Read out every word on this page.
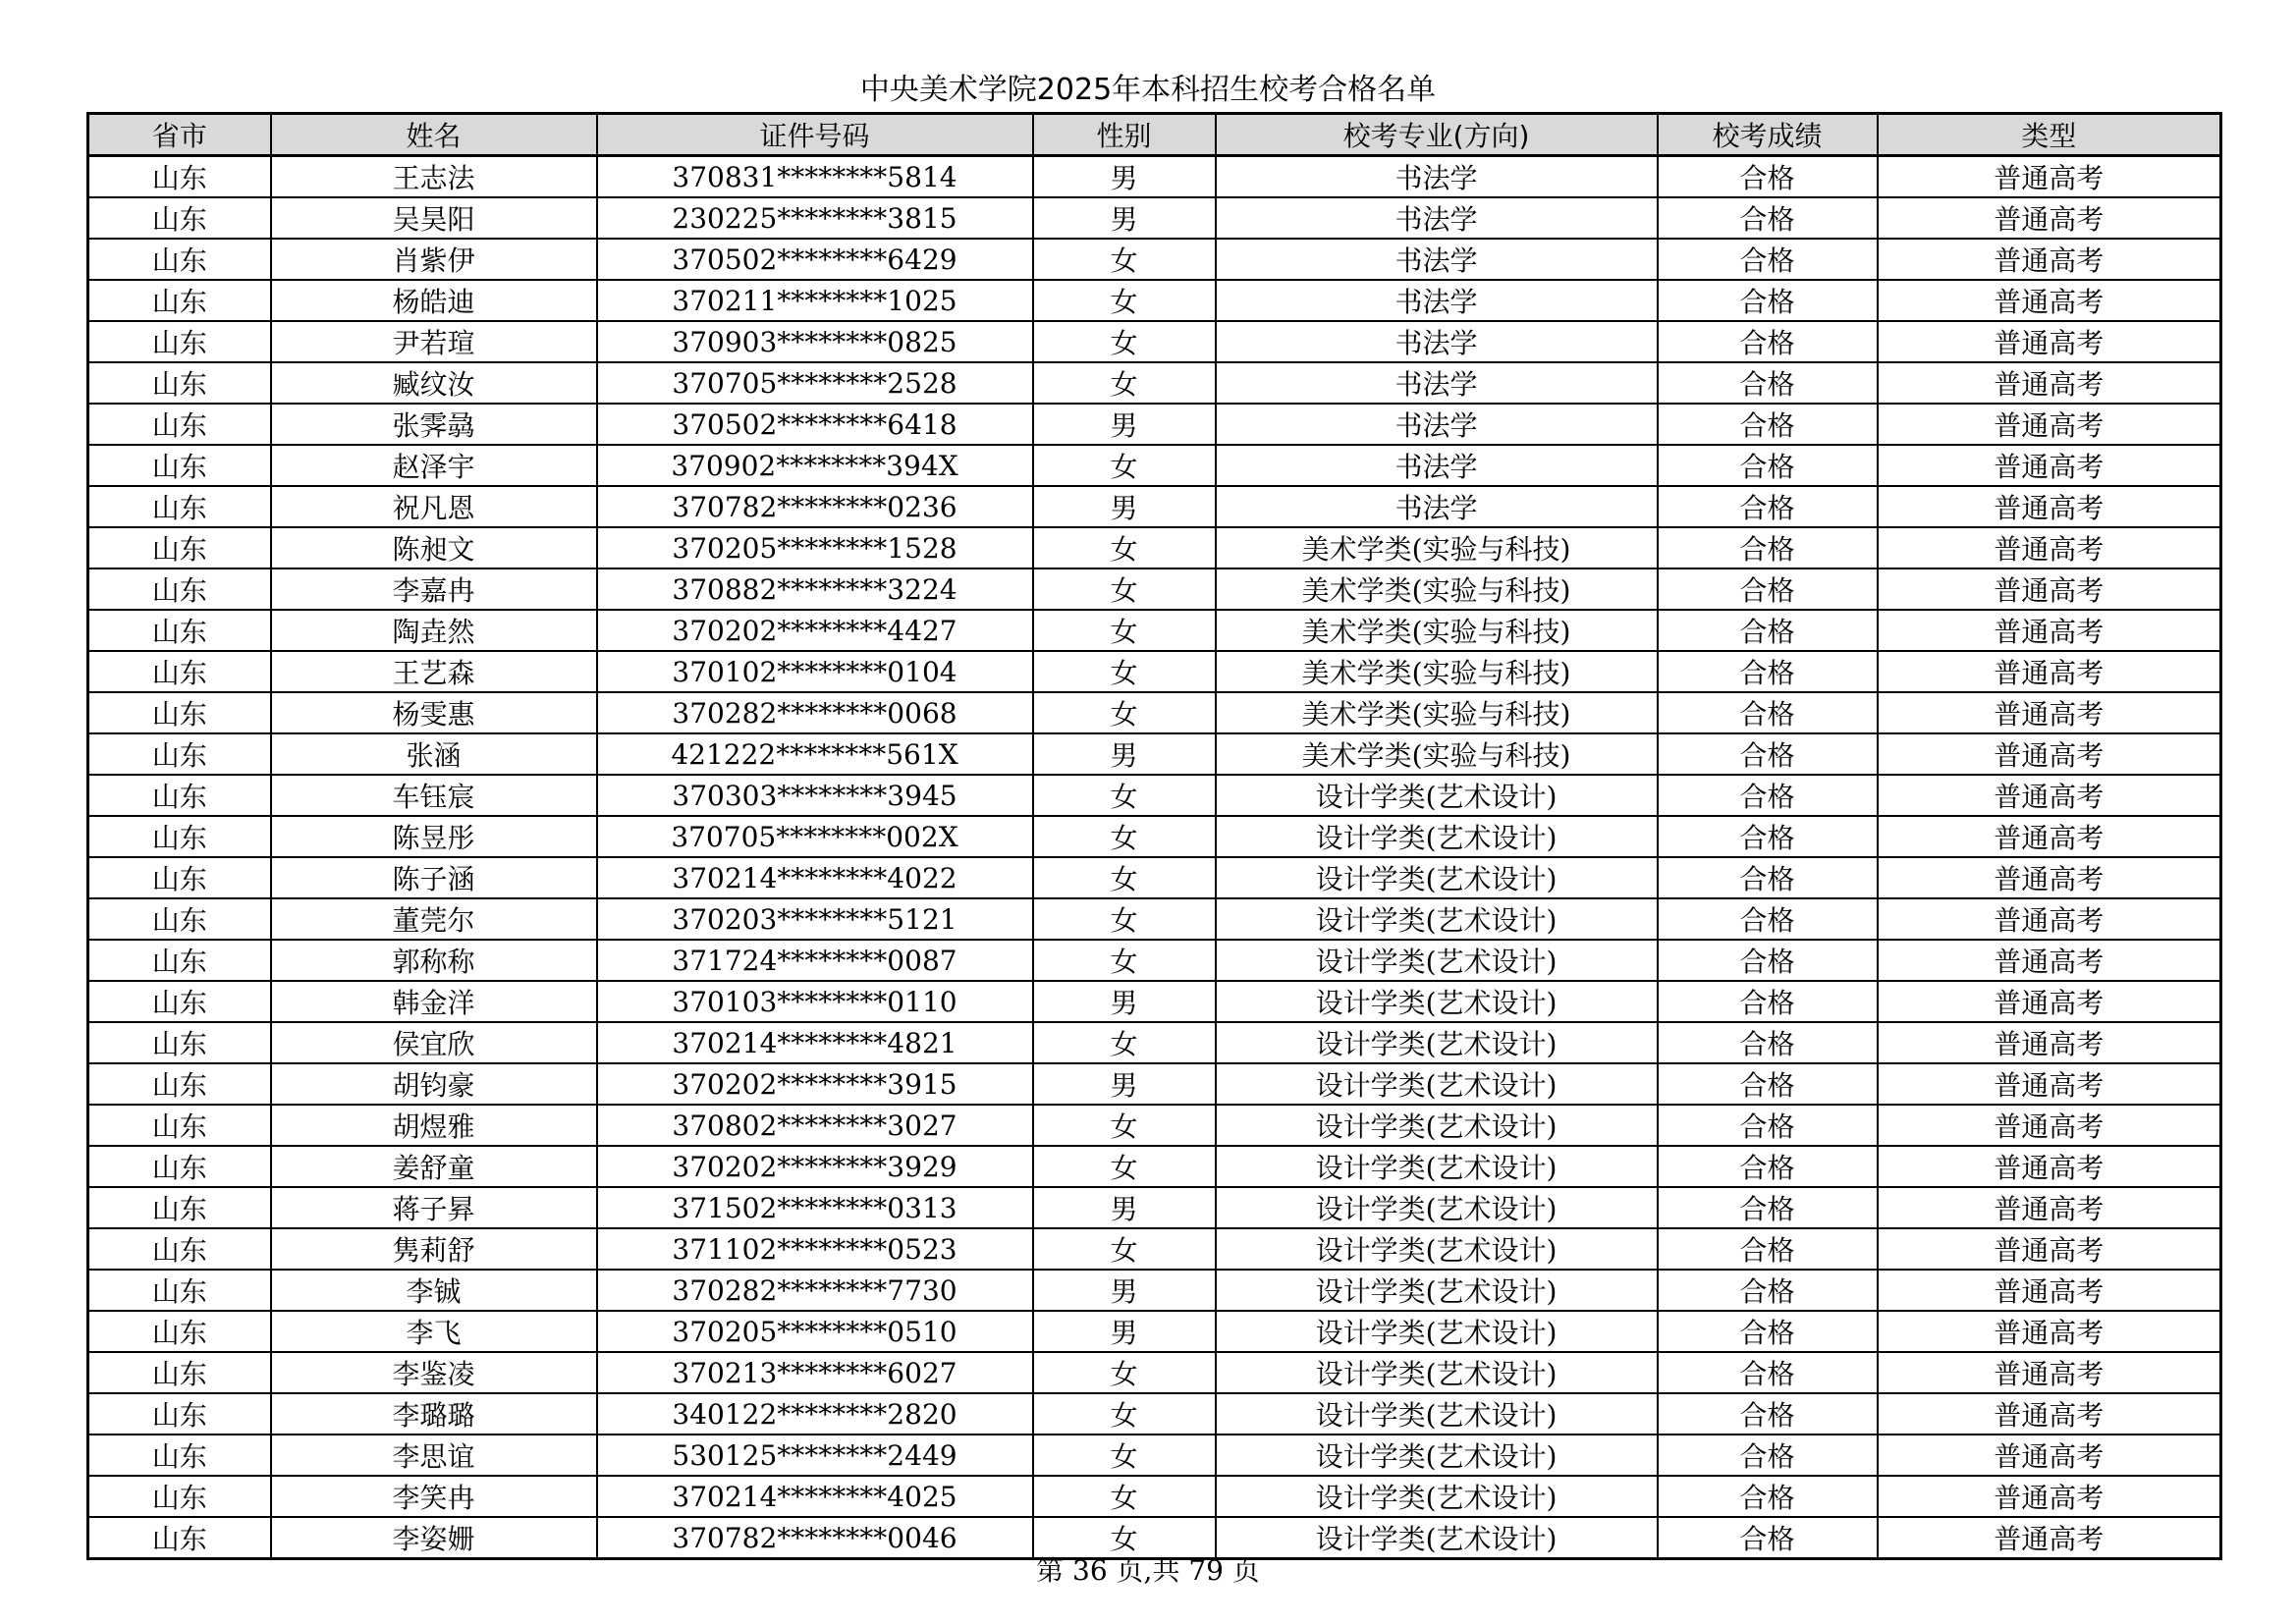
中央美术学院2025年本科招生校考合格名单
省市	姓名	证件号码	性别	校考专业(方向)	校考成绩	类型
山东	王志法	370831********5814	男	书法学	合格	普通高考
山东	吴昊阳	230225********3815	男	书法学	合格	普通高考
山东	肖紫伊	370502********6429	女	书法学	合格	普通高考
山东	杨皓迪	370211********1025	女	书法学	合格	普通高考
山东	尹若瑄	370903********0825	女	书法学	合格	普通高考
山东	臧纹汝	370705********2528	女	书法学	合格	普通高考
山东	张霁骉	370502********6418	男	书法学	合格	普通高考
山东	赵泽宇	370902********394X	女	书法学	合格	普通高考
山东	祝凡恩	370782********0236	男	书法学	合格	普通高考
山东	陈昶文	370205********1528	女	美术学类(实验与科技)	合格	普通高考
山东	李嘉冉	370882********3224	女	美术学类(实验与科技)	合格	普通高考
山东	陶垚然	370202********4427	女	美术学类(实验与科技)	合格	普通高考
山东	王艺森	370102********0104	女	美术学类(实验与科技)	合格	普通高考
山东	杨雯惠	370282********0068	女	美术学类(实验与科技)	合格	普通高考
山东	张涵	421222********561X	男	美术学类(实验与科技)	合格	普通高考
山东	车钰宸	370303********3945	女	设计学类(艺术设计)	合格	普通高考
山东	陈昱彤	370705********002X	女	设计学类(艺术设计)	合格	普通高考
山东	陈子涵	370214********4022	女	设计学类(艺术设计)	合格	普通高考
山东	董莞尔	370203********5121	女	设计学类(艺术设计)	合格	普通高考
山东	郭称称	371724********0087	女	设计学类(艺术设计)	合格	普通高考
山东	韩金洋	370103********0110	男	设计学类(艺术设计)	合格	普通高考
山东	侯宜欣	370214********4821	女	设计学类(艺术设计)	合格	普通高考
山东	胡钧豪	370202********3915	男	设计学类(艺术设计)	合格	普通高考
山东	胡煜雅	370802********3027	女	设计学类(艺术设计)	合格	普通高考
山东	姜舒童	370202********3929	女	设计学类(艺术设计)	合格	普通高考
山东	蒋子昪	371502********0313	男	设计学类(艺术设计)	合格	普通高考
山东	隽莉舒	371102********0523	女	设计学类(艺术设计)	合格	普通高考
山东	李铖	370282********7730	男	设计学类(艺术设计)	合格	普通高考
山东	李飞	370205********0510	男	设计学类(艺术设计)	合格	普通高考
山东	李鉴凌	370213********6027	女	设计学类(艺术设计)	合格	普通高考
山东	李璐璐	340122********2820	女	设计学类(艺术设计)	合格	普通高考
山东	李思谊	530125********2449	女	设计学类(艺术设计)	合格	普通高考
山东	李笑冉	370214********4025	女	设计学类(艺术设计)	合格	普通高考
山东	李姿姗	370782********0046	女	设计学类(艺术设计)	合格	普通高考
第 36 页,共 79 页
